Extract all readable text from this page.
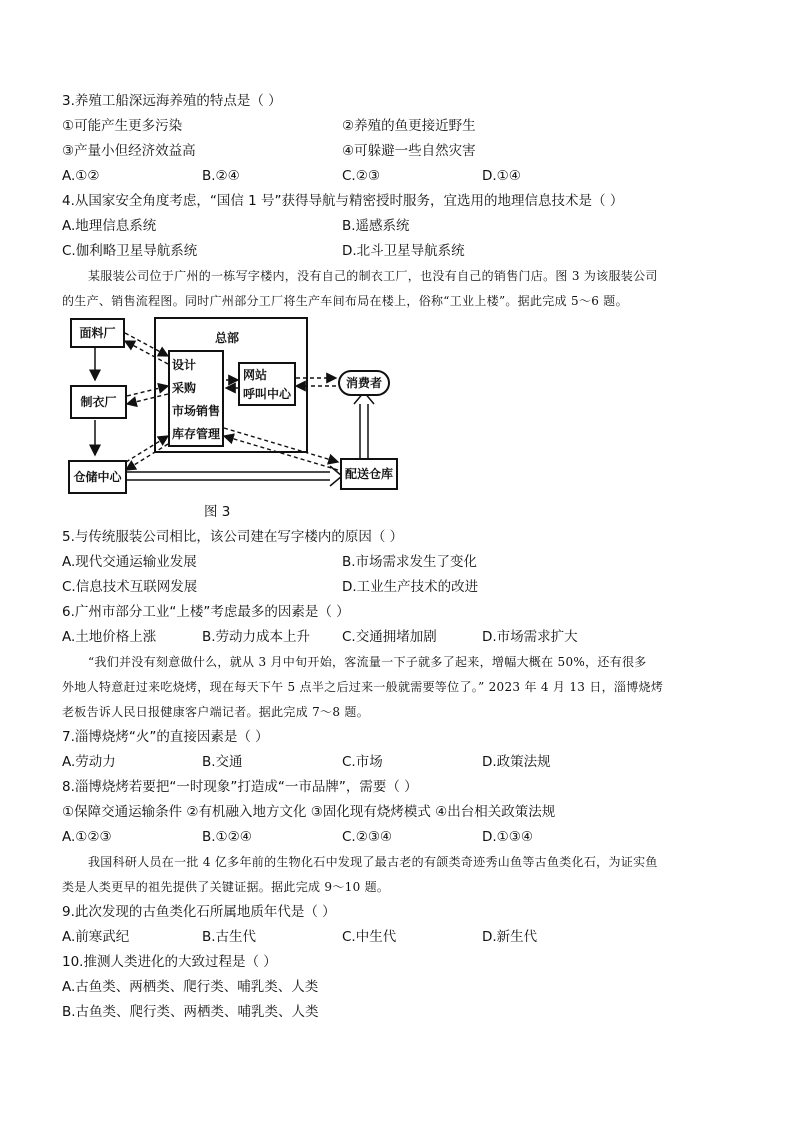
3.养殖工船深远海养殖的特点是（ ）
①可能产生更多污染	②养殖的鱼更接近野生
③产量小但经济效益高	④可躲避一些自然灾害
A.①②	B.②④	C.②③	D.①④
4.从国家安全角度考虑，“国信 1 号”获得导航与精密授时服务，宜选用的地理信息技术是（ ）
A.地理信息系统	B.遥感系统
C.伽利略卫星导航系统	D.北斗卫星导航系统
某服装公司位于广州的一栋写字楼内，没有自己的制衣工厂，也没有自己的销售门店。图 3 为该服装公司
的生产、销售流程图。同时广州部分工厂将生产车间布局在楼上，俗称“工业上楼”。据此完成 5～6 题。
总部
面料厂
制衣厂
仓储中心
设计
采购
市场销售
库存管理
网站
呼叫中心
消费者
配送仓库
图 3
5.与传统服装公司相比，该公司建在写字楼内的原因（ ）
A.现代交通运输业发展	B.市场需求发生了变化
C.信息技术互联网发展	D.工业生产技术的改进
6.广州市部分工业“上楼”考虑最多的因素是（ ）
A.土地价格上涨	B.劳动力成本上升 C.交通拥堵加剧	D.市场需求扩大
“我们并没有刻意做什么，就从 3 月中旬开始，客流量一下子就多了起来，增幅大概在 50%，还有很多
外地人特意赶过来吃烧烤，现在每天下午 5 点半之后过来一般就需要等位了。” 2023 年 4 月 13 日，淄博烧烤
老板告诉人民日报健康客户端记者。据此完成 7～8 题。
7.淄博烧烤“火”的直接因素是（ ）
A.劳动力	B.交通	C.市场	D.政策法规
8.淄博烧烤若要把“一时现象”打造成“一市品牌”，需要（ ）
①保障交通运输条件 ②有机融入地方文化 ③固化现有烧烤模式 ④出台相关政策法规
A.①②③	B.①②④	C.②③④	D.①③④
我国科研人员在一批 4 亿多年前的生物化石中发现了最古老的有颌类奇迹秀山鱼等古鱼类化石，为证实鱼
类是人类更早的祖先提供了关键证据。据此完成 9～10 题。
9.此次发现的古鱼类化石所属地质年代是（ ）
A.前寒武纪	B.古生代	C.中生代	D.新生代
10.推测人类进化的大致过程是（ ）
A.古鱼类、两栖类、爬行类、哺乳类、人类
B.古鱼类、爬行类、两栖类、哺乳类、人类
